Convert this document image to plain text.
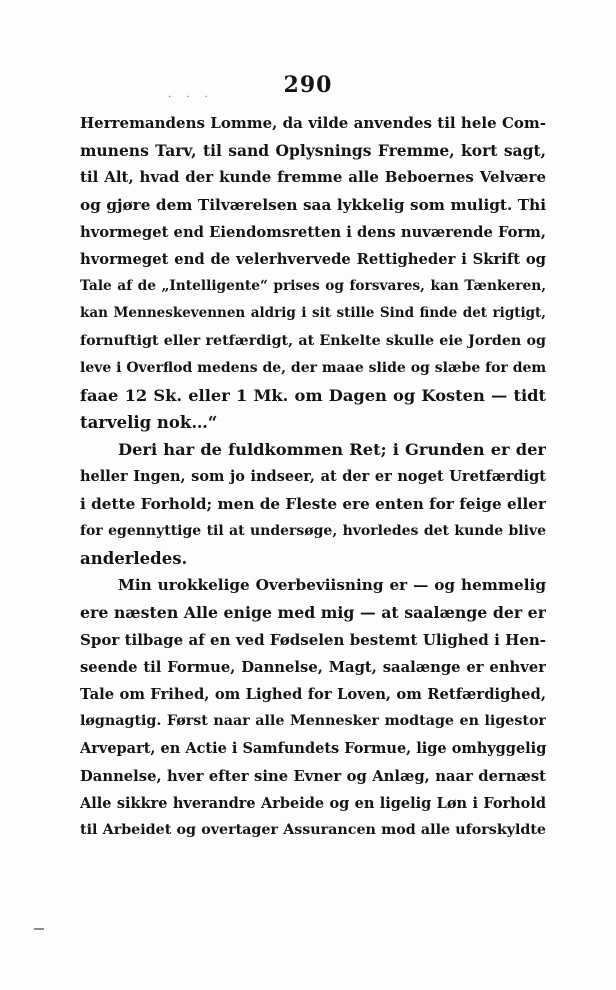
290
· · ·
Herremandens Lomme, da vilde anvendes til hele Com-
munens Tarv, til sand Oplysnings Fremme, kort sagt,
til Alt, hvad der kunde fremme alle Beboernes Velvære
og gjøre dem Tilværelsen saa lykkelig som muligt. Thi
hvormeget end Eiendomsretten i dens nuværende Form,
hvormeget end de velerhvervede Rettigheder i Skrift og
Tale af de „Intelligente“ prises og forsvares, kan Tænkeren,
kan Menneskevennen aldrig i sit stille Sind finde det rigtigt,
fornuftigt eller retfærdigt, at Enkelte skulle eie Jorden og
leve i Overflod medens de, der maae slide og slæbe for dem
faae 12 Sk. eller 1 Mk. om Dagen og Kosten — tidt
tarvelig nok…“
Deri har de fuldkommen Ret; i Grunden er der
heller Ingen, som jo indseer, at der er noget Uretfærdigt
i dette Forhold; men de Fleste ere enten for feige eller
for egennyttige til at undersøge, hvorledes det kunde blive
anderledes.
Min urokkelige Overbeviisning er — og hemmelig
ere næsten Alle enige med mig — at saalænge der er
Spor tilbage af en ved Fødselen bestemt Ulighed i Hen-
seende til Formue, Dannelse, Magt, saalænge er enhver
Tale om Frihed, om Lighed for Loven, om Retfærdighed,
løgnagtig. Først naar alle Mennesker modtage en ligestor
Arvepart, en Actie i Samfundets Formue, lige omhyggelig
Dannelse, hver efter sine Evner og Anlæg, naar dernæst
Alle sikkre hverandre Arbeide og en ligelig Løn i Forhold
til Arbeidet og overtager Assurancen mod alle uforskyldte
